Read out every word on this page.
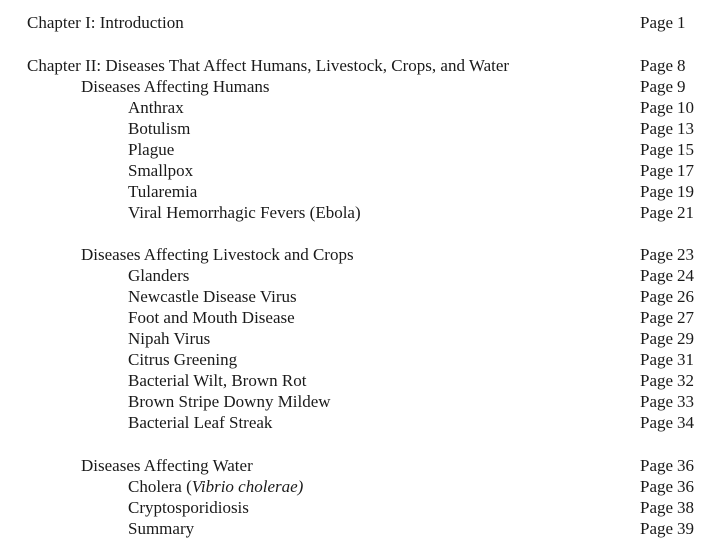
Chapter I: Introduction	Page 1
Chapter II: Diseases That Affect Humans, Livestock, Crops, and Water	Page 8
Diseases Affecting Humans	Page 9
Anthrax	Page 10
Botulism	Page 13
Plague	Page 15
Smallpox	Page 17
Tularemia	Page 19
Viral Hemorrhagic Fevers (Ebola)	Page 21
Diseases Affecting Livestock and Crops	Page 23
Glanders	Page 24
Newcastle Disease Virus	Page 26
Foot and Mouth Disease	Page 27
Nipah Virus	Page 29
Citrus Greening	Page 31
Bacterial Wilt, Brown Rot	Page 32
Brown Stripe Downy Mildew	Page 33
Bacterial Leaf Streak	Page 34
Diseases Affecting Water	Page 36
Cholera (Vibrio cholerae)	Page 36
Cryptosporidiosis	Page 38
Summary	Page 39
